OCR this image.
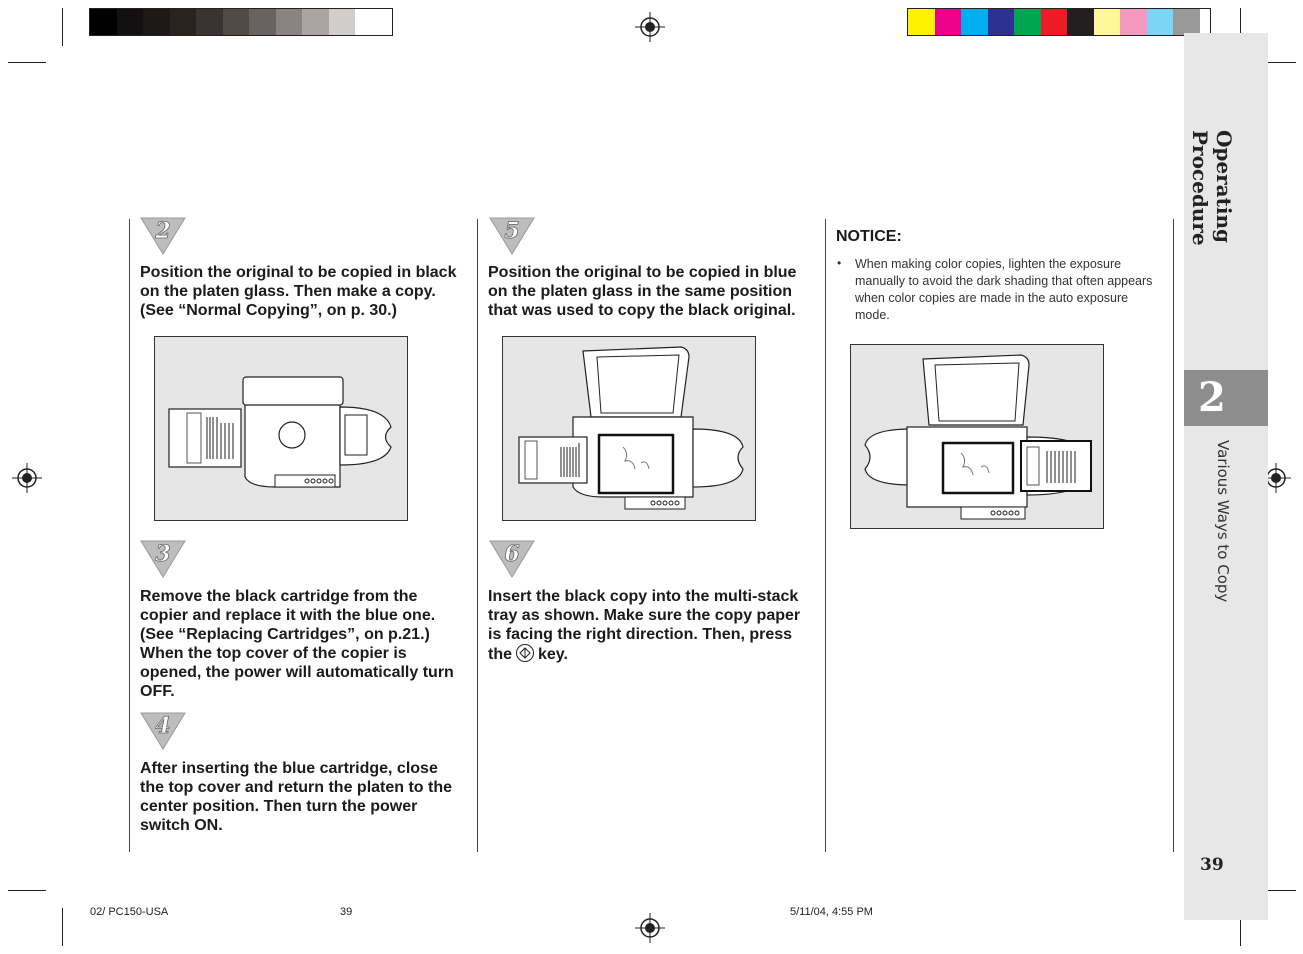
Operating Procedure
2
Various Ways to Copy
39
2
Position the original to be copied in black on the platen glass. Then make a copy. (See “Normal Copying”, on p. 30.)
3
Remove the black cartridge from the copier and replace it with the blue one. (See “Replacing Cartridges”, on p.21.) When the top cover of the copier is opened, the power will automatically turn OFF.
4
After inserting the blue cartridge, close the top cover and return the platen to the center position. Then turn the power switch ON.
5
Position the original to be copied in blue on the platen glass in the same position that was used to copy the black original.
6
Insert the black copy into the multi-stack tray as shown. Make sure the copy paper is facing the right direction. Then, press the key.
NOTICE:
• When making color copies, lighten the exposure manually to avoid the dark shading that often appears when color copies are made in the auto exposure mode.
02/ PC150-USA	39	5/11/04, 4:55 PM
